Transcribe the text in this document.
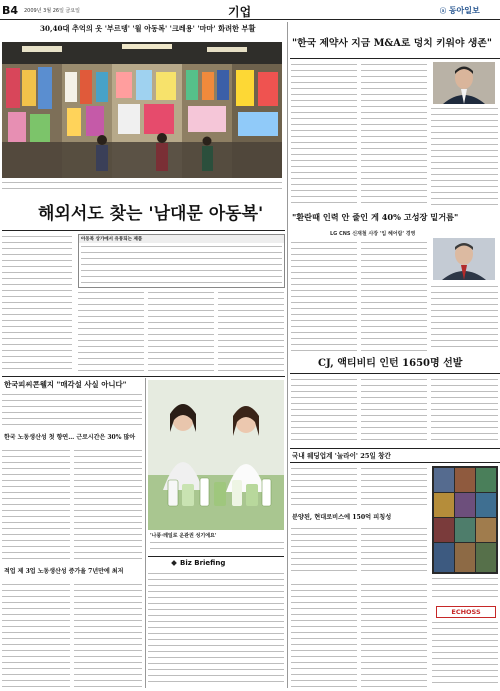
B4 2009년 3월 26일 금요일	기업	ⓐ 동아일보
30,40대 추억의 옷 '부르뎅' '월 아동복' '크레용' '마마' 화려한 부활
"한국 제약사 지금 M&A로 덩치 키워야 생존"
해외서도 찾는 '남대문 아동복'
아동복 상가에서 유통되는 제품
"환란때 인력 안 줄인 게 40% 고성장 밑거름"
LG CNS 신재철 사장 '입 혜어람' 경영
CJ, 액티비티 인턴 1650명 선발
한국피씨콘웰지 "매각설 사실 아니다"
한국 노동생산성 첫 향연… 근로시간은 30% 많아
적업 제 3업 노동생산성 증가율 7년만에 최저
'나풍·레일로 운관권 성기에요'
Biz Briefing
국내 웨딩업계 '눌라이' 25일 창간
분양된, 현대로비스에 150억 피칭성
ECHOSS
